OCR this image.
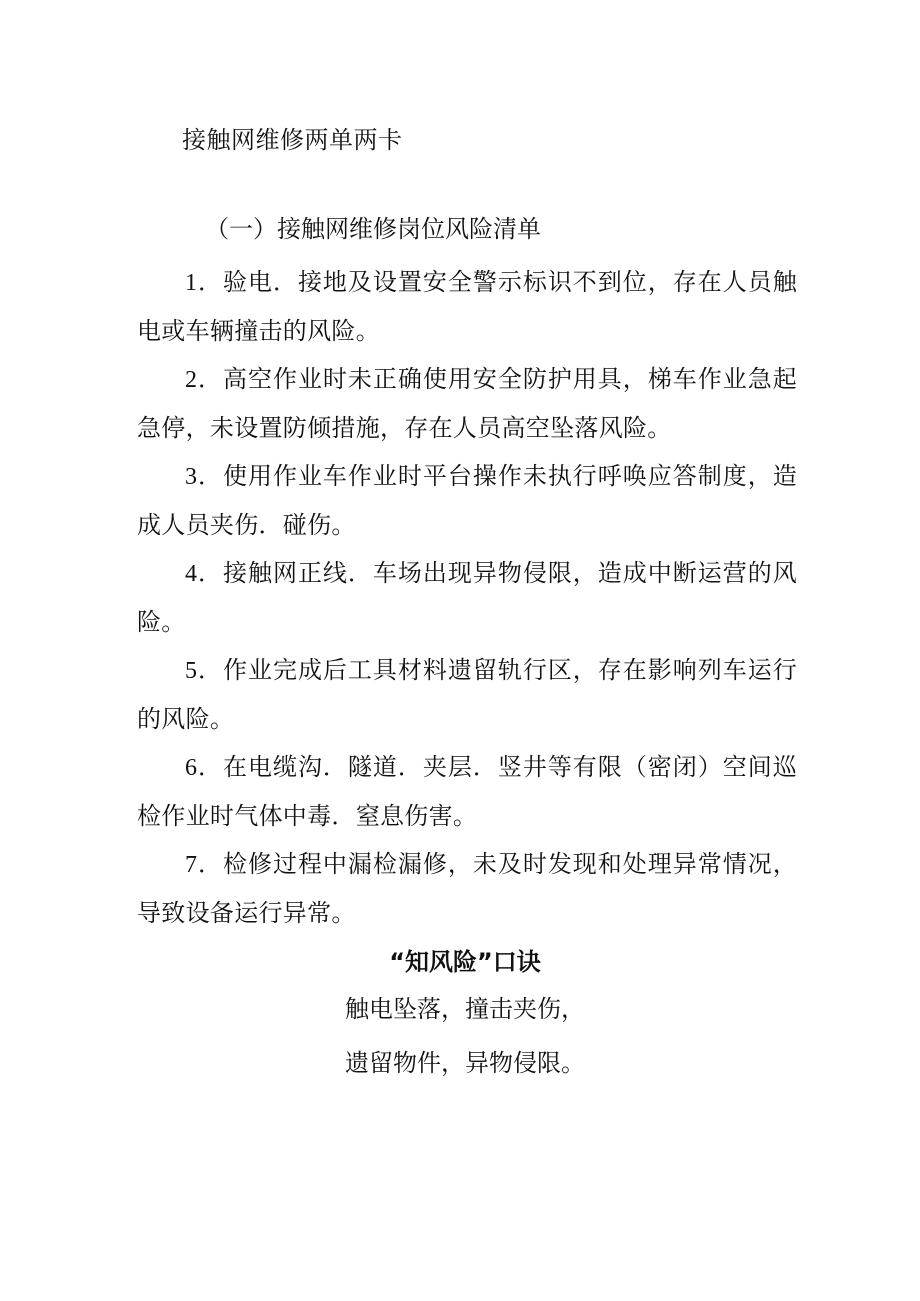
接触网维修两单两卡
（一）接触网维修岗位风险清单

1．验电．接地及设置安全警示标识不到位，存在人员触电或车辆撞击的风险。

2．高空作业时未正确使用安全防护用具，梯车作业急起急停，未设置防倾措施，存在人员高空坠落风险。

3．使用作业车作业时平台操作未执行呼唤应答制度，造成人员夹伤．碰伤。

4．接触网正线．车场出现异物侵限，造成中断运营的风险。

5．作业完成后工具材料遗留轨行区，存在影响列车运行的风险。

6．在电缆沟．隧道．夹层．竖井等有限（密闭）空间巡检作业时气体中毒．窒息伤害。

7．检修过程中漏检漏修，未及时发现和处理异常情况，导致设备运行异常。

“知风险”口诀
触电坠落，撞击夹伤，
遗留物件，异物侵限。
